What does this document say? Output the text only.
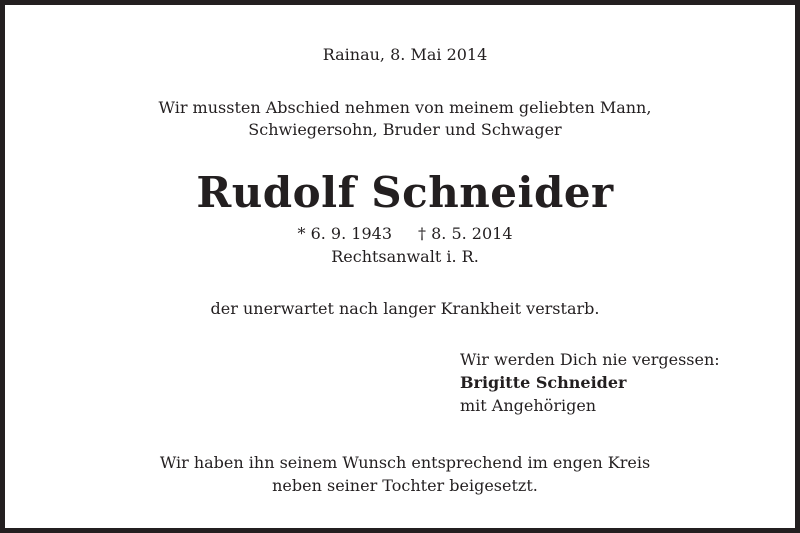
Rainau, 8. Mai 2014
Wir mussten Abschied nehmen von meinem geliebten Mann,
Schwiegersohn, Bruder und Schwager
Rudolf Schneider
* 6. 9. 1943 † 8. 5. 2014
Rechtsanwalt i. R.
der unerwartet nach langer Krankheit verstarb.
Wir werden Dich nie vergessen:
Brigitte Schneider
mit Angehörigen
Wir haben ihn seinem Wunsch entsprechend im engen Kreis
neben seiner Tochter beigesetzt.
